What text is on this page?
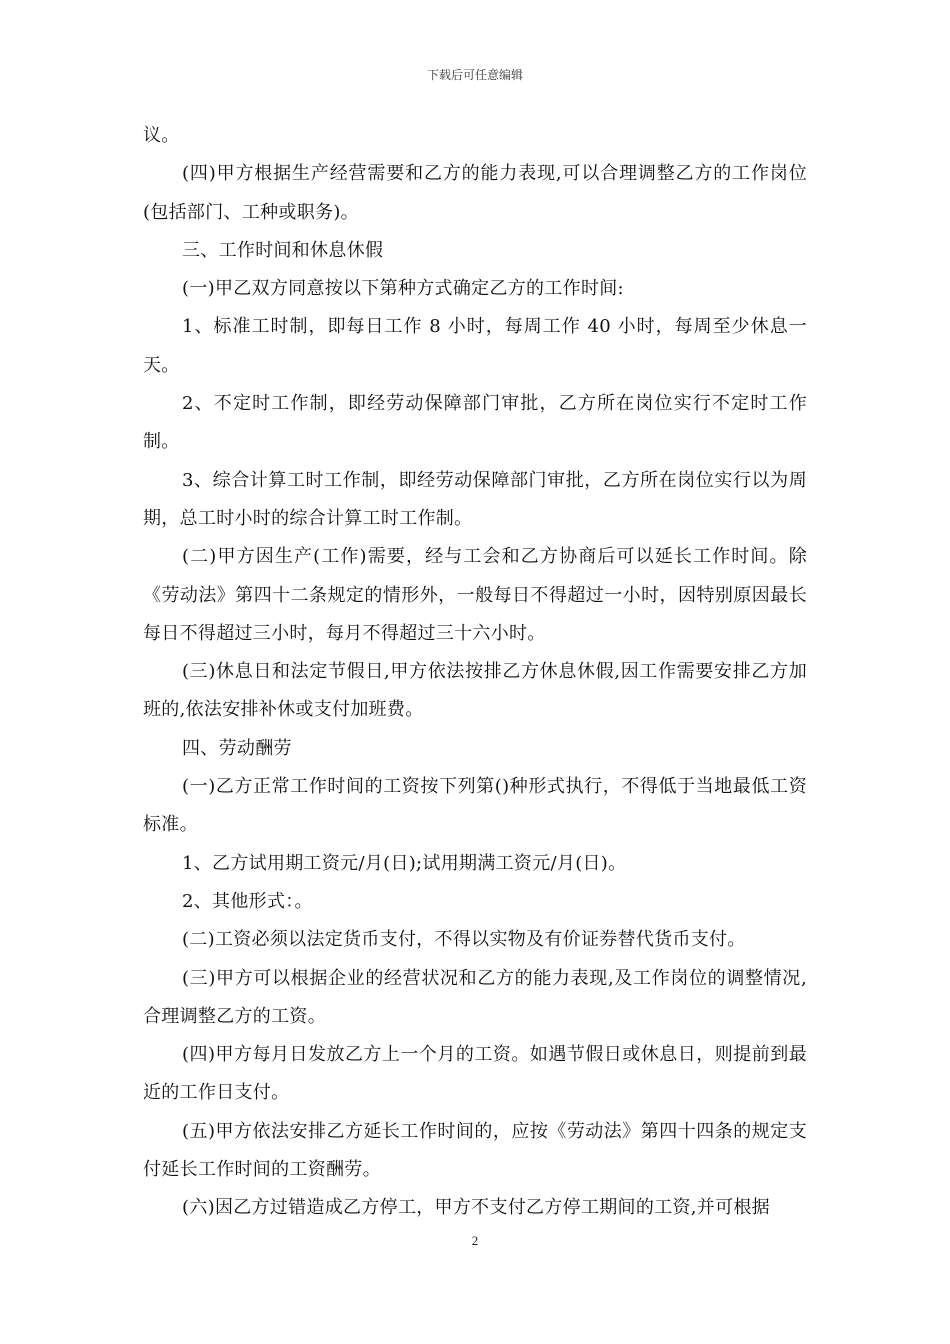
下载后可任意编辑

议。

(四)甲方根据生产经营需要和乙方的能力表现,可以合理调整乙方的工作岗位(包括部门、工种或职务)。

三、工作时间和休息休假

(一)甲乙双方同意按以下第种方式确定乙方的工作时间:

1、标准工时制，即每日工作 8 小时，每周工作 40 小时，每周至少休息一天。

2、不定时工作制，即经劳动保障部门审批，乙方所在岗位实行不定时工作制。

3、综合计算工时工作制，即经劳动保障部门审批，乙方所在岗位实行以为周期，总工时小时的综合计算工时工作制。

(二)甲方因生产(工作)需要，经与工会和乙方协商后可以延长工作时间。除《劳动法》第四十二条规定的情形外，一般每日不得超过一小时，因特别原因最长每日不得超过三小时，每月不得超过三十六小时。

(三)休息日和法定节假日,甲方依法按排乙方休息休假,因工作需要安排乙方加班的,依法安排补休或支付加班费。

四、劳动酬劳

(一)乙方正常工作时间的工资按下列第()种形式执行，不得低于当地最低工资标准。

1、乙方试用期工资元/月(日);试用期满工资元/月(日)。

2、其他形式：。

(二)工资必须以法定货币支付，不得以实物及有价证券替代货币支付。

(三)甲方可以根据企业的经营状况和乙方的能力表现,及工作岗位的调整情况,合理调整乙方的工资。

(四)甲方每月日发放乙方上一个月的工资。如遇节假日或休息日，则提前到最近的工作日支付。

(五)甲方依法安排乙方延长工作时间的，应按《劳动法》第四十四条的规定支付延长工作时间的工资酬劳。

(六)因乙方过错造成乙方停工，甲方不支付乙方停工期间的工资,并可根据

2
